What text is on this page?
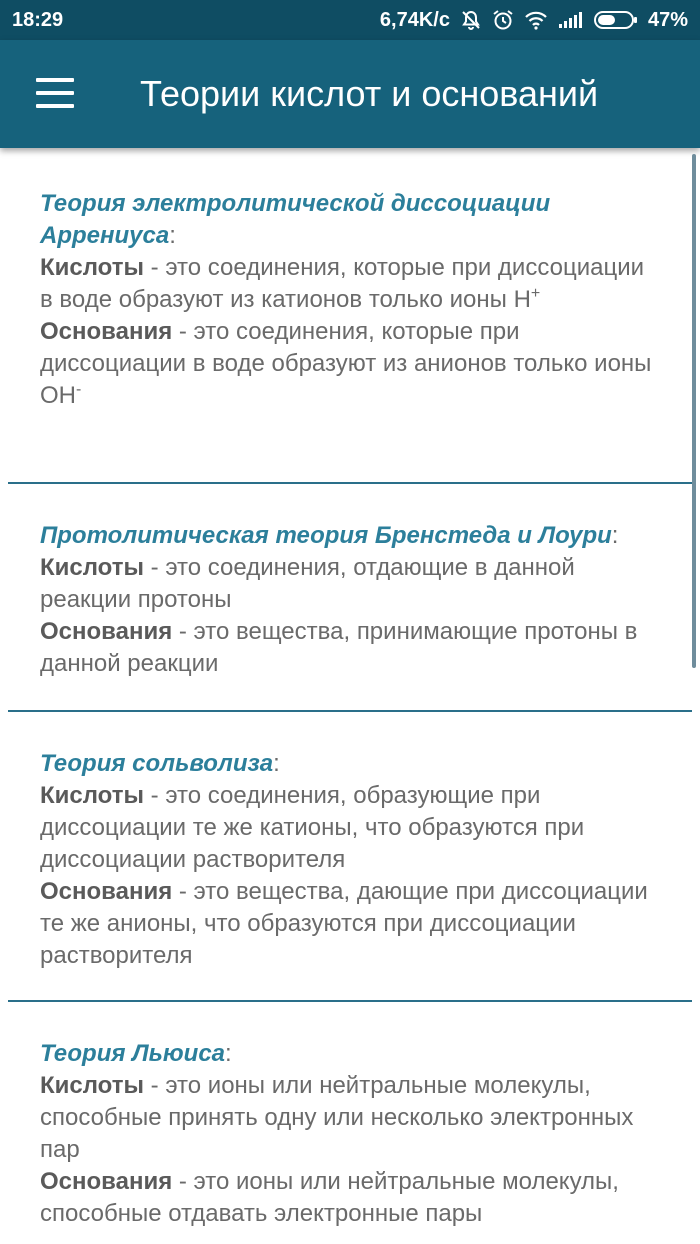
18:29	6,74K/c	47%
Теории кислот и оснований
Теория электролитической диссоциации Аррениуса:
Кислоты - это соединения, которые при диссоциации в воде образуют из катионов только ионы H+
Основания - это соединения, которые при диссоциации в воде образуют из анионов только ионы OH-
Протолитическая теория Бренстеда и Лоури:
Кислоты - это соединения, отдающие в данной реакции протоны
Основания - это вещества, принимающие протоны в данной реакции
Теория сольволиза:
Кислоты - это соединения, образующие при диссоциации те же катионы, что образуются при диссоциации растворителя
Основания - это вещества, дающие при диссоциации те же анионы, что образуются при диссоциации растворителя
Теория Льюиса:
Кислоты - это ионы или нейтральные молекулы, способные принять одну или несколько электронных пар
Основания - это ионы или нейтральные молекулы, способные отдавать электронные пары
